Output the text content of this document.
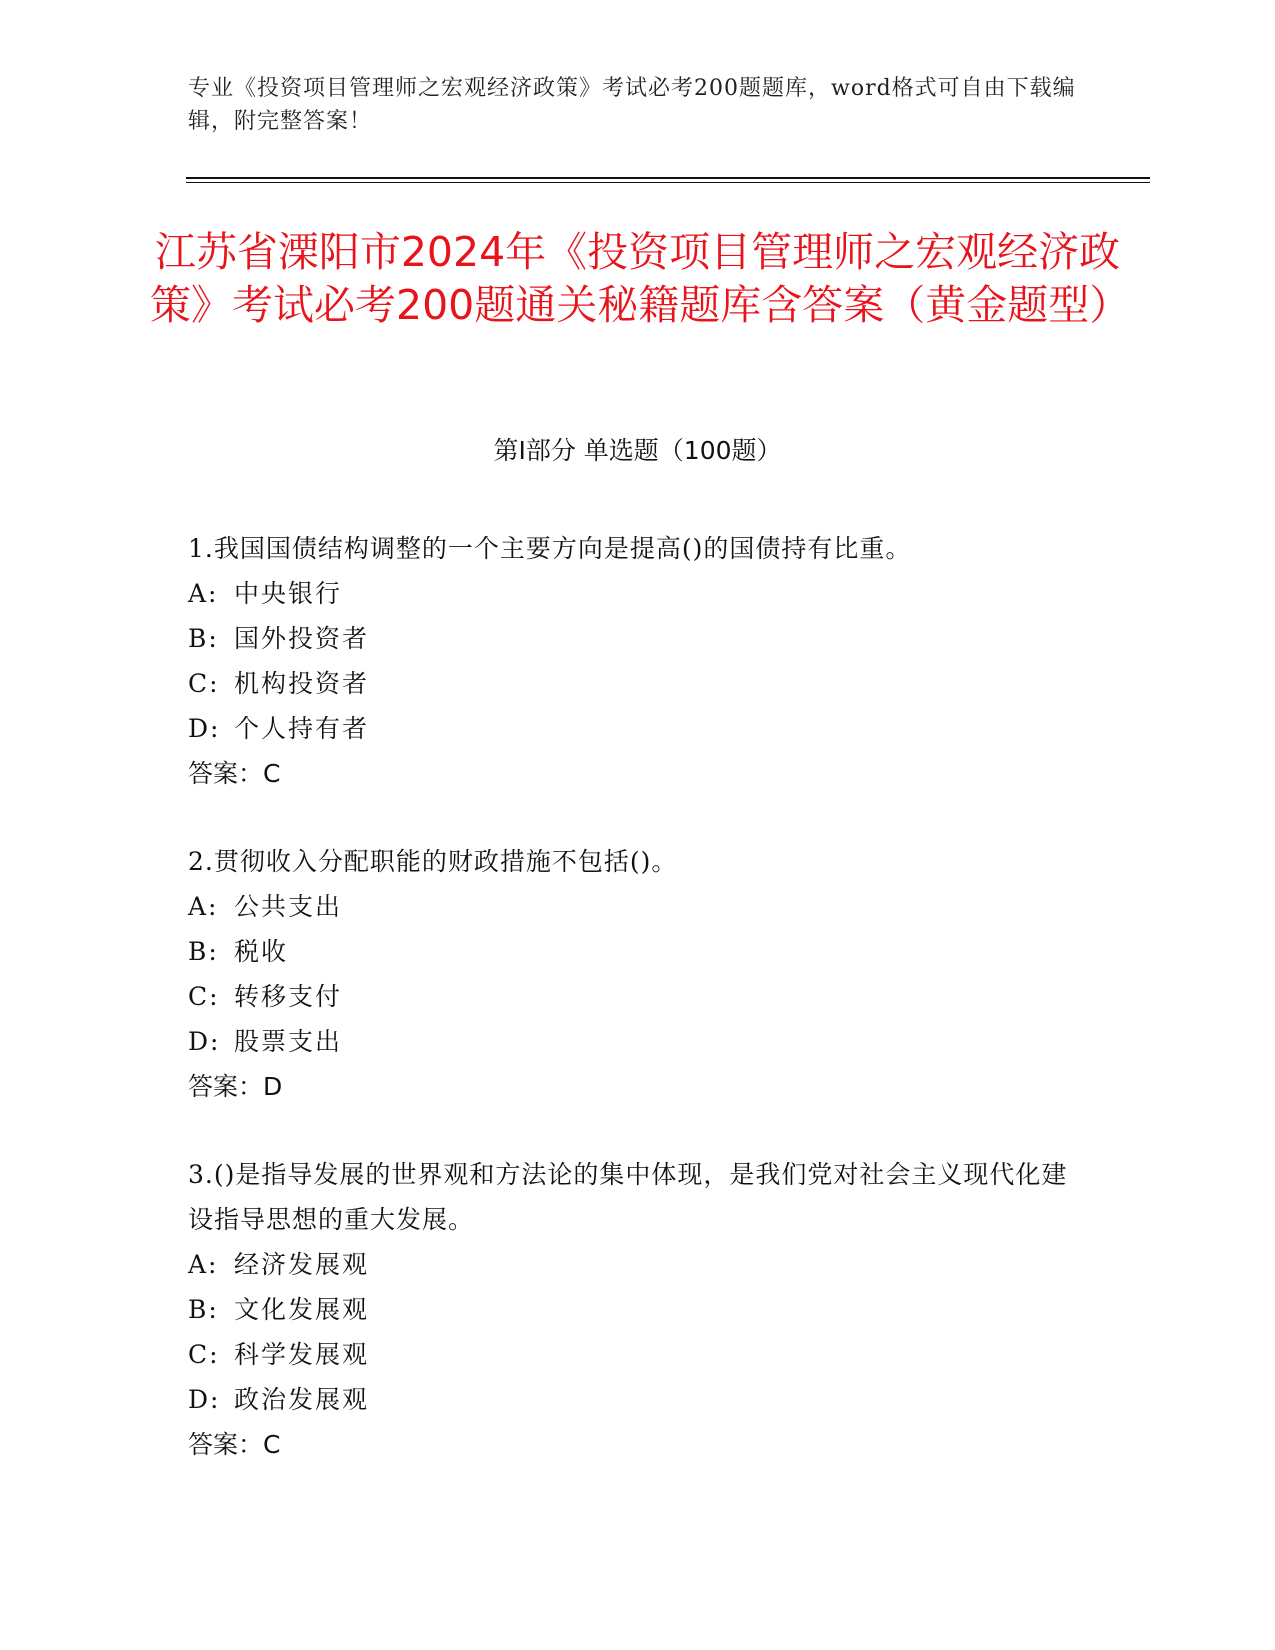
专业《投资项目管理师之宏观经济政策》考试必考200题题库，word格式可自由下载编辑，附完整答案！
江苏省溧阳市2024年《投资项目管理师之宏观经济政策》考试必考200题通关秘籍题库含答案（黄金题型）
第I部分 单选题（100题）
1.我国国债结构调整的一个主要方向是提高()的国债持有比重。
A: 中央银行
B: 国外投资者
C: 机构投资者
D: 个人持有者
答案：C
2.贯彻收入分配职能的财政措施不包括()。
A: 公共支出
B: 税收
C: 转移支付
D: 股票支出
答案：D
3.()是指导发展的世界观和方法论的集中体现，是我们党对社会主义现代化建设指导思想的重大发展。
A: 经济发展观
B: 文化发展观
C: 科学发展观
D: 政治发展观
答案：C
